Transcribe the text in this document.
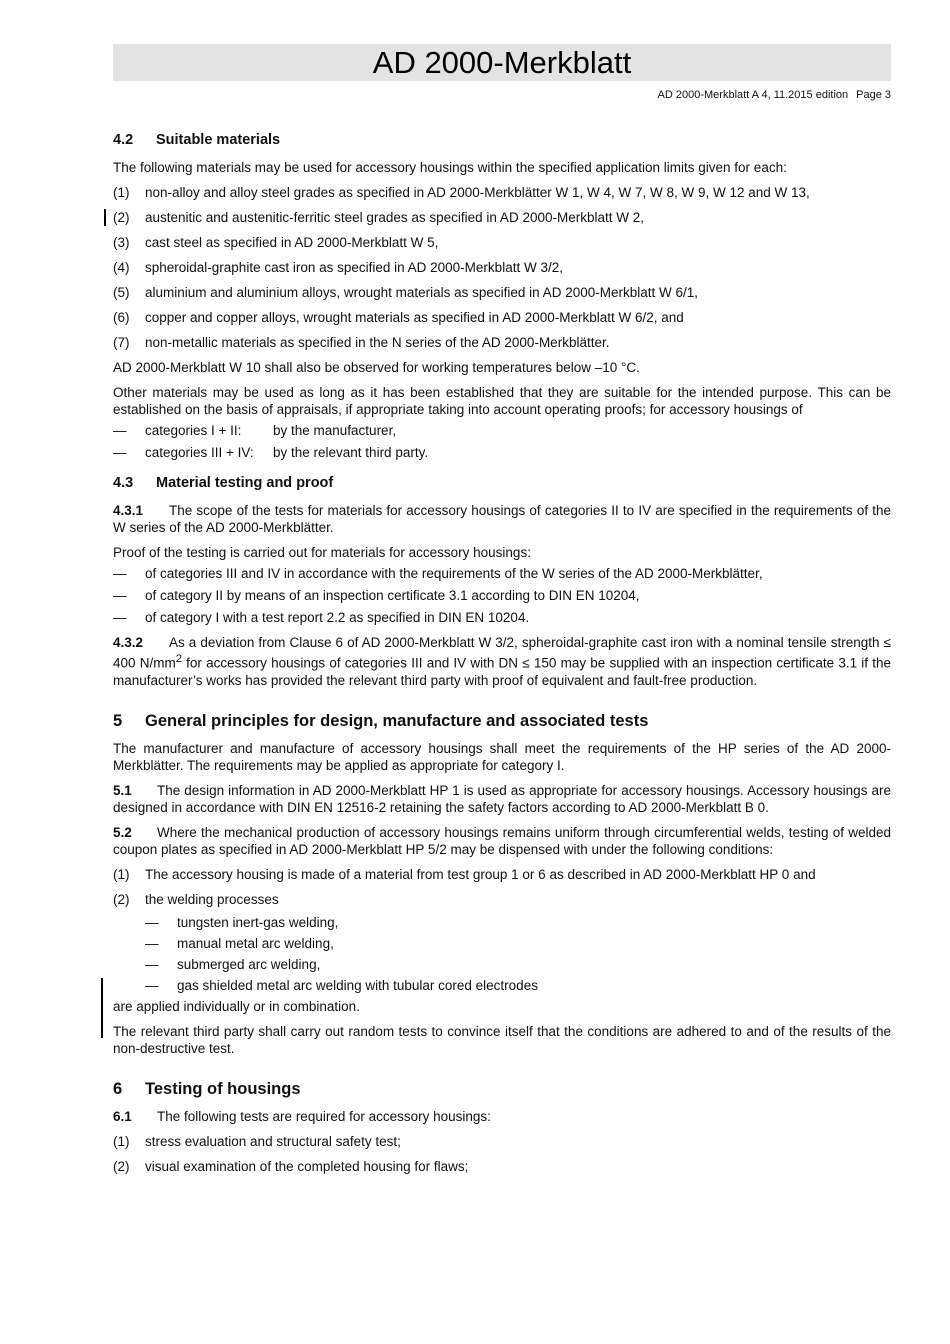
AD 2000-Merkblatt
AD 2000-Merkblatt A 4, 11.2015 edition Page 3
4.2 Suitable materials

The following materials may be used for accessory housings within the specified application limits given for each:

(1) non-alloy and alloy steel grades as specified in AD 2000-Merkblätter W 1, W 4, W 7, W 8, W 9, W 12 and W 13,
(2) austenitic and austenitic-ferritic steel grades as specified in AD 2000-Merkblatt W 2,
(3) cast steel as specified in AD 2000-Merkblatt W 5,
(4) spheroidal-graphite cast iron as specified in AD 2000-Merkblatt W 3/2,
(5) aluminium and aluminium alloys, wrought materials as specified in AD 2000-Merkblatt W 6/1,
(6) copper and copper alloys, wrought materials as specified in AD 2000-Merkblatt W 6/2, and
(7) non-metallic materials as specified in the N series of the AD 2000-Merkblätter.

AD 2000-Merkblatt W 10 shall also be observed for working temperatures below –10 °C.

Other materials may be used as long as it has been established that they are suitable for the intended purpose. This can be established on the basis of appraisals, if appropriate taking into account operating proofs; for accessory housings of

— categories I + II: by the manufacturer,
— categories III + IV: by the relevant third party.
4.3 Material testing and proof

4.3.1 The scope of the tests for materials for accessory housings of categories II to IV are specified in the requirements of the W series of the AD 2000-Merkblätter.

Proof of the testing is carried out for materials for accessory housings:

— of categories III and IV in accordance with the requirements of the W series of the AD 2000-Merkblätter,
— of category II by means of an inspection certificate 3.1 according to DIN EN 10204,
— of category I with a test report 2.2 as specified in DIN EN 10204.

4.3.2 As a deviation from Clause 6 of AD 2000-Merkblatt W 3/2, spheroidal-graphite cast iron with a nominal tensile strength ≤ 400 $N/mm^2$ for accessory housings of categories III and IV with DN ≤ 150 may be supplied with an inspection certificate 3.1 if the manufacturer’s works has provided the relevant third party with proof of equivalent and fault-free production.

5 General principles for design, manufacture and associated tests

The manufacturer and manufacture of accessory housings shall meet the requirements of the HP series of the AD 2000-Merkblätter. The requirements may be applied as appropriate for category I.

5.1 The design information in AD 2000-Merkblatt HP 1 is used as appropriate for accessory housings. Accessory housings are designed in accordance with DIN EN 12516-2 retaining the safety factors according to AD 2000-Merkblatt B 0.

5.2 Where the mechanical production of accessory housings remains uniform through circumferential welds, testing of welded coupon plates as specified in AD 2000-Merkblatt HP 5/2 may be dispensed with under the following conditions:

(1) The accessory housing is made of a material from test group 1 or 6 as described in AD 2000-Merkblatt HP 0 and
(2) the welding processes
— tungsten inert-gas welding,
— manual metal arc welding,
— submerged arc welding,
— gas shielded metal arc welding with tubular cored electrodes

are applied individually or in combination.

The relevant third party shall carry out random tests to convince itself that the conditions are adhered to and of the results of the non-destructive test.

6 Testing of housings

6.1 The following tests are required for accessory housings:

(1) stress evaluation and structural safety test;
(2) visual examination of the completed housing for flaws;
